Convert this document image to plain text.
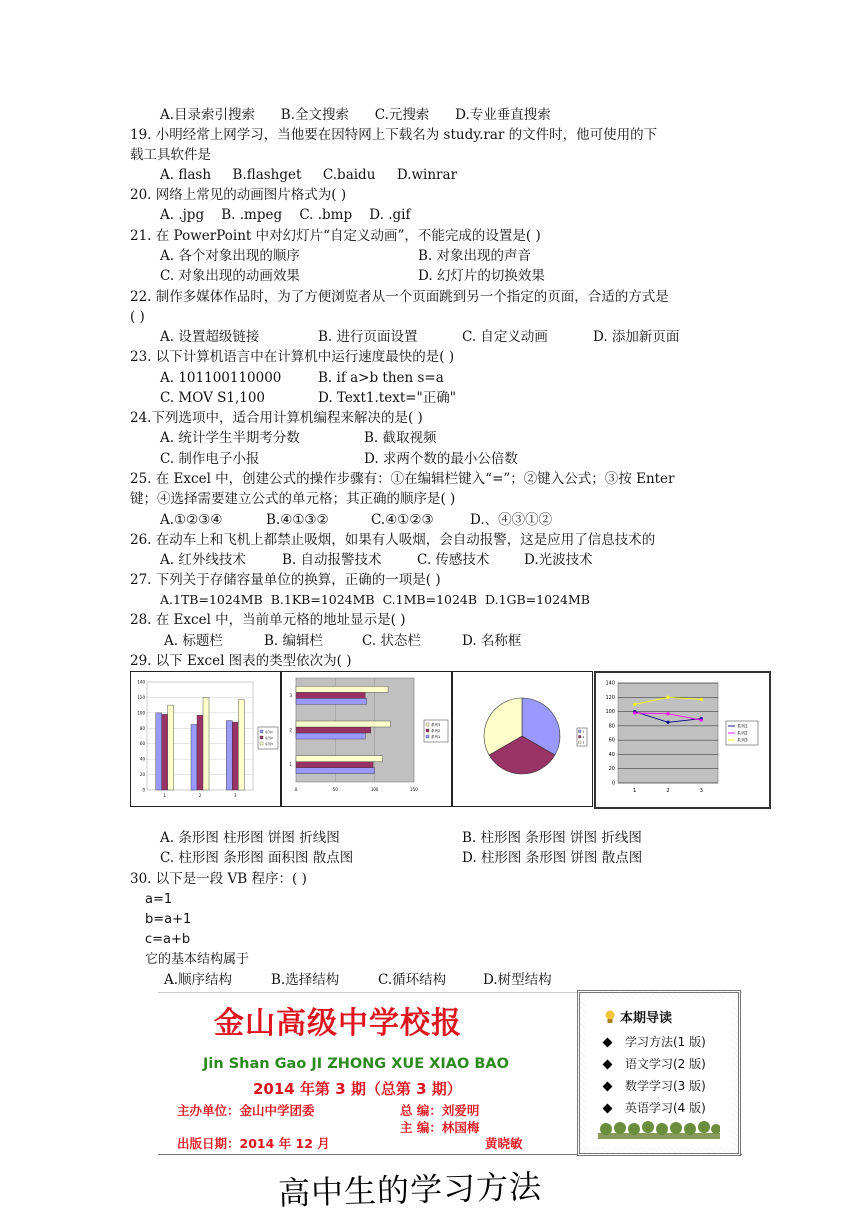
A.目录索引搜索 B.全文搜索 C.元搜索 D.专业垂直搜索
19. 小明经常上网学习，当他要在因特网上下载名为 study.rar 的文件时，他可使用的下
载工具软件是
A. flash B.flashget C.baidu D.winrar
20. 网络上常见的动画图片格式为( )
A. .jpg B. .mpeg C. .bmp D. .gif
21. 在 PowerPoint 中对幻灯片“自定义动画”，不能完成的设置是( )
A. 各个对象出现的顺序	B. 对象出现的声音
C. 对象出现的动画效果	D. 幻灯片的切换效果
22. 制作多媒体作品时，为了方便浏览者从一个页面跳到另一个指定的页面，合适的方式是
( )
A. 设置超级链接	B. 进行页面设置	C. 自定义动画	D. 添加新页面
23. 以下计算机语言中在计算机中运行速度最快的是( )
A. 101100110000	B. if a>b then s=a
C. MOV S1,100	D. Text1.text="正确"
24.下列选项中，适合用计算机编程来解决的是( )
A. 统计学生半期考分数	B. 截取视频
C. 制作电子小报	D. 求两个数的最小公倍数
25. 在 Excel 中，创建公式的操作步骤有：①在编辑栏键入“=”；②键入公式；③按 Enter
键；④选择需要建立公式的单元格；其正确的顺序是( )
A.①②③④	B.④①③②	C.④①②③	D.、④③①②
26. 在动车上和飞机上都禁止吸烟，如果有人吸烟，会自动报警，这是应用了信息技术的
A. 红外线技术	B. 自动报警技术	C. 传感技术	D.光波技术
27. 下列关于存储容量单位的换算，正确的一项是( )
A.1TB=1024MB B.1KB=1024MB C.1MB=1024B D.1GB=1024MB
28. 在 Excel 中，当前单元格的地址显示是( )
A. 标题栏	B. 编辑栏	C. 状态栏	D. 名称框
29. 以下 Excel 图表的类型依次为( )
0
20
40
60
80
100
120
140
1	2	3
系列1
系列2
系列3
0	50	100	150
1
2
3
系列3
系列2
系列1
1
2
3
0
20
40
60
80
100
120
140
1	2	3
系列1
系列2
系列3
A. 条形图 柱形图 饼图 折线图	B. 柱形图 条形图 饼图 折线图
C. 柱形图 条形图 面积图 散点图	D. 柱形图 条形图 饼图 散点图
30. 以下是一段 VB 程序：( )
a=1
b=a+1
c=a+b
它的基本结构属于
A.顺序结构	B.选择结构	C.循环结构	D.树型结构
金山高级中学校报
Jin Shan Gao JI ZHONG XUE XIAO BAO
2014 年第 3 期（总第 3 期）
主办单位：金山中学团委	总 编：刘爱明
主 编：林国梅
出版日期：2014 年 12 月	黄晓敏
本期导读
学习方法(1 版)
语文学习(2 版)
数学学习(3 版)
英语学习(4 版)
高中生的学习方法
